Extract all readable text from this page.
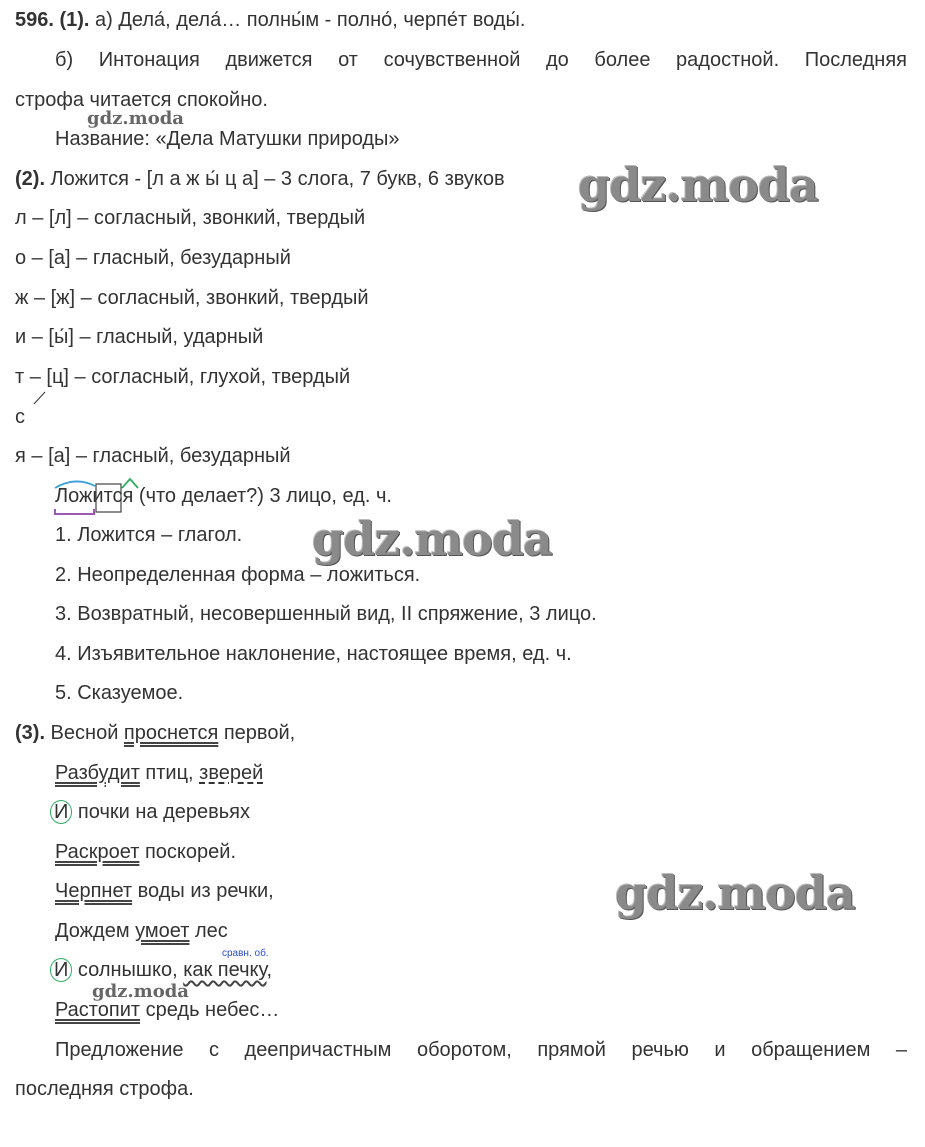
596. (1). а) Дела́, дела́… полны́м - полно́, черпе́т воды́.
б) Интонация движется от сочувственной до более радостной. Последняя
строфа читается спокойно.
Название: «Дела Матушки природы»
(2). Ложится - [л а ж ы́ ц а] – 3 слога, 7 букв, 6 звуков
л – [л] – согласный, звонкий, твердый
о – [а] – гласный, безударный
ж – [ж] – согласный, звонкий, твердый
и – [ы́] – гласный, ударный
т – [ц] – согласный, глухой, твердый
с
я – [а] – гласный, безударный
Ложится (что делает?) 3 лицо, ед. ч.
1. Ложится – глагол.
2. Неопределенная форма – ложиться.
3. Возвратный, несовершенный вид, II спряжение, 3 лицо.
4. Изъявительное наклонение, настоящее время, ед. ч.
5. Сказуемое.
(3). Весной проснется первой,
Разбудит птиц, зверей
И почки на деревьях
Раскроет поскорей.
Черпнет воды из речки,
Дождем умоет лес
сравн. об.
И солнышко, как печку,
Растопит средь небес…
Предложение с деепричастным оборотом, прямой речью и обращением –
последняя строфа.
gdz.moda
gdz.moda
gdz.moda
gdz.moda
gdz.moda
